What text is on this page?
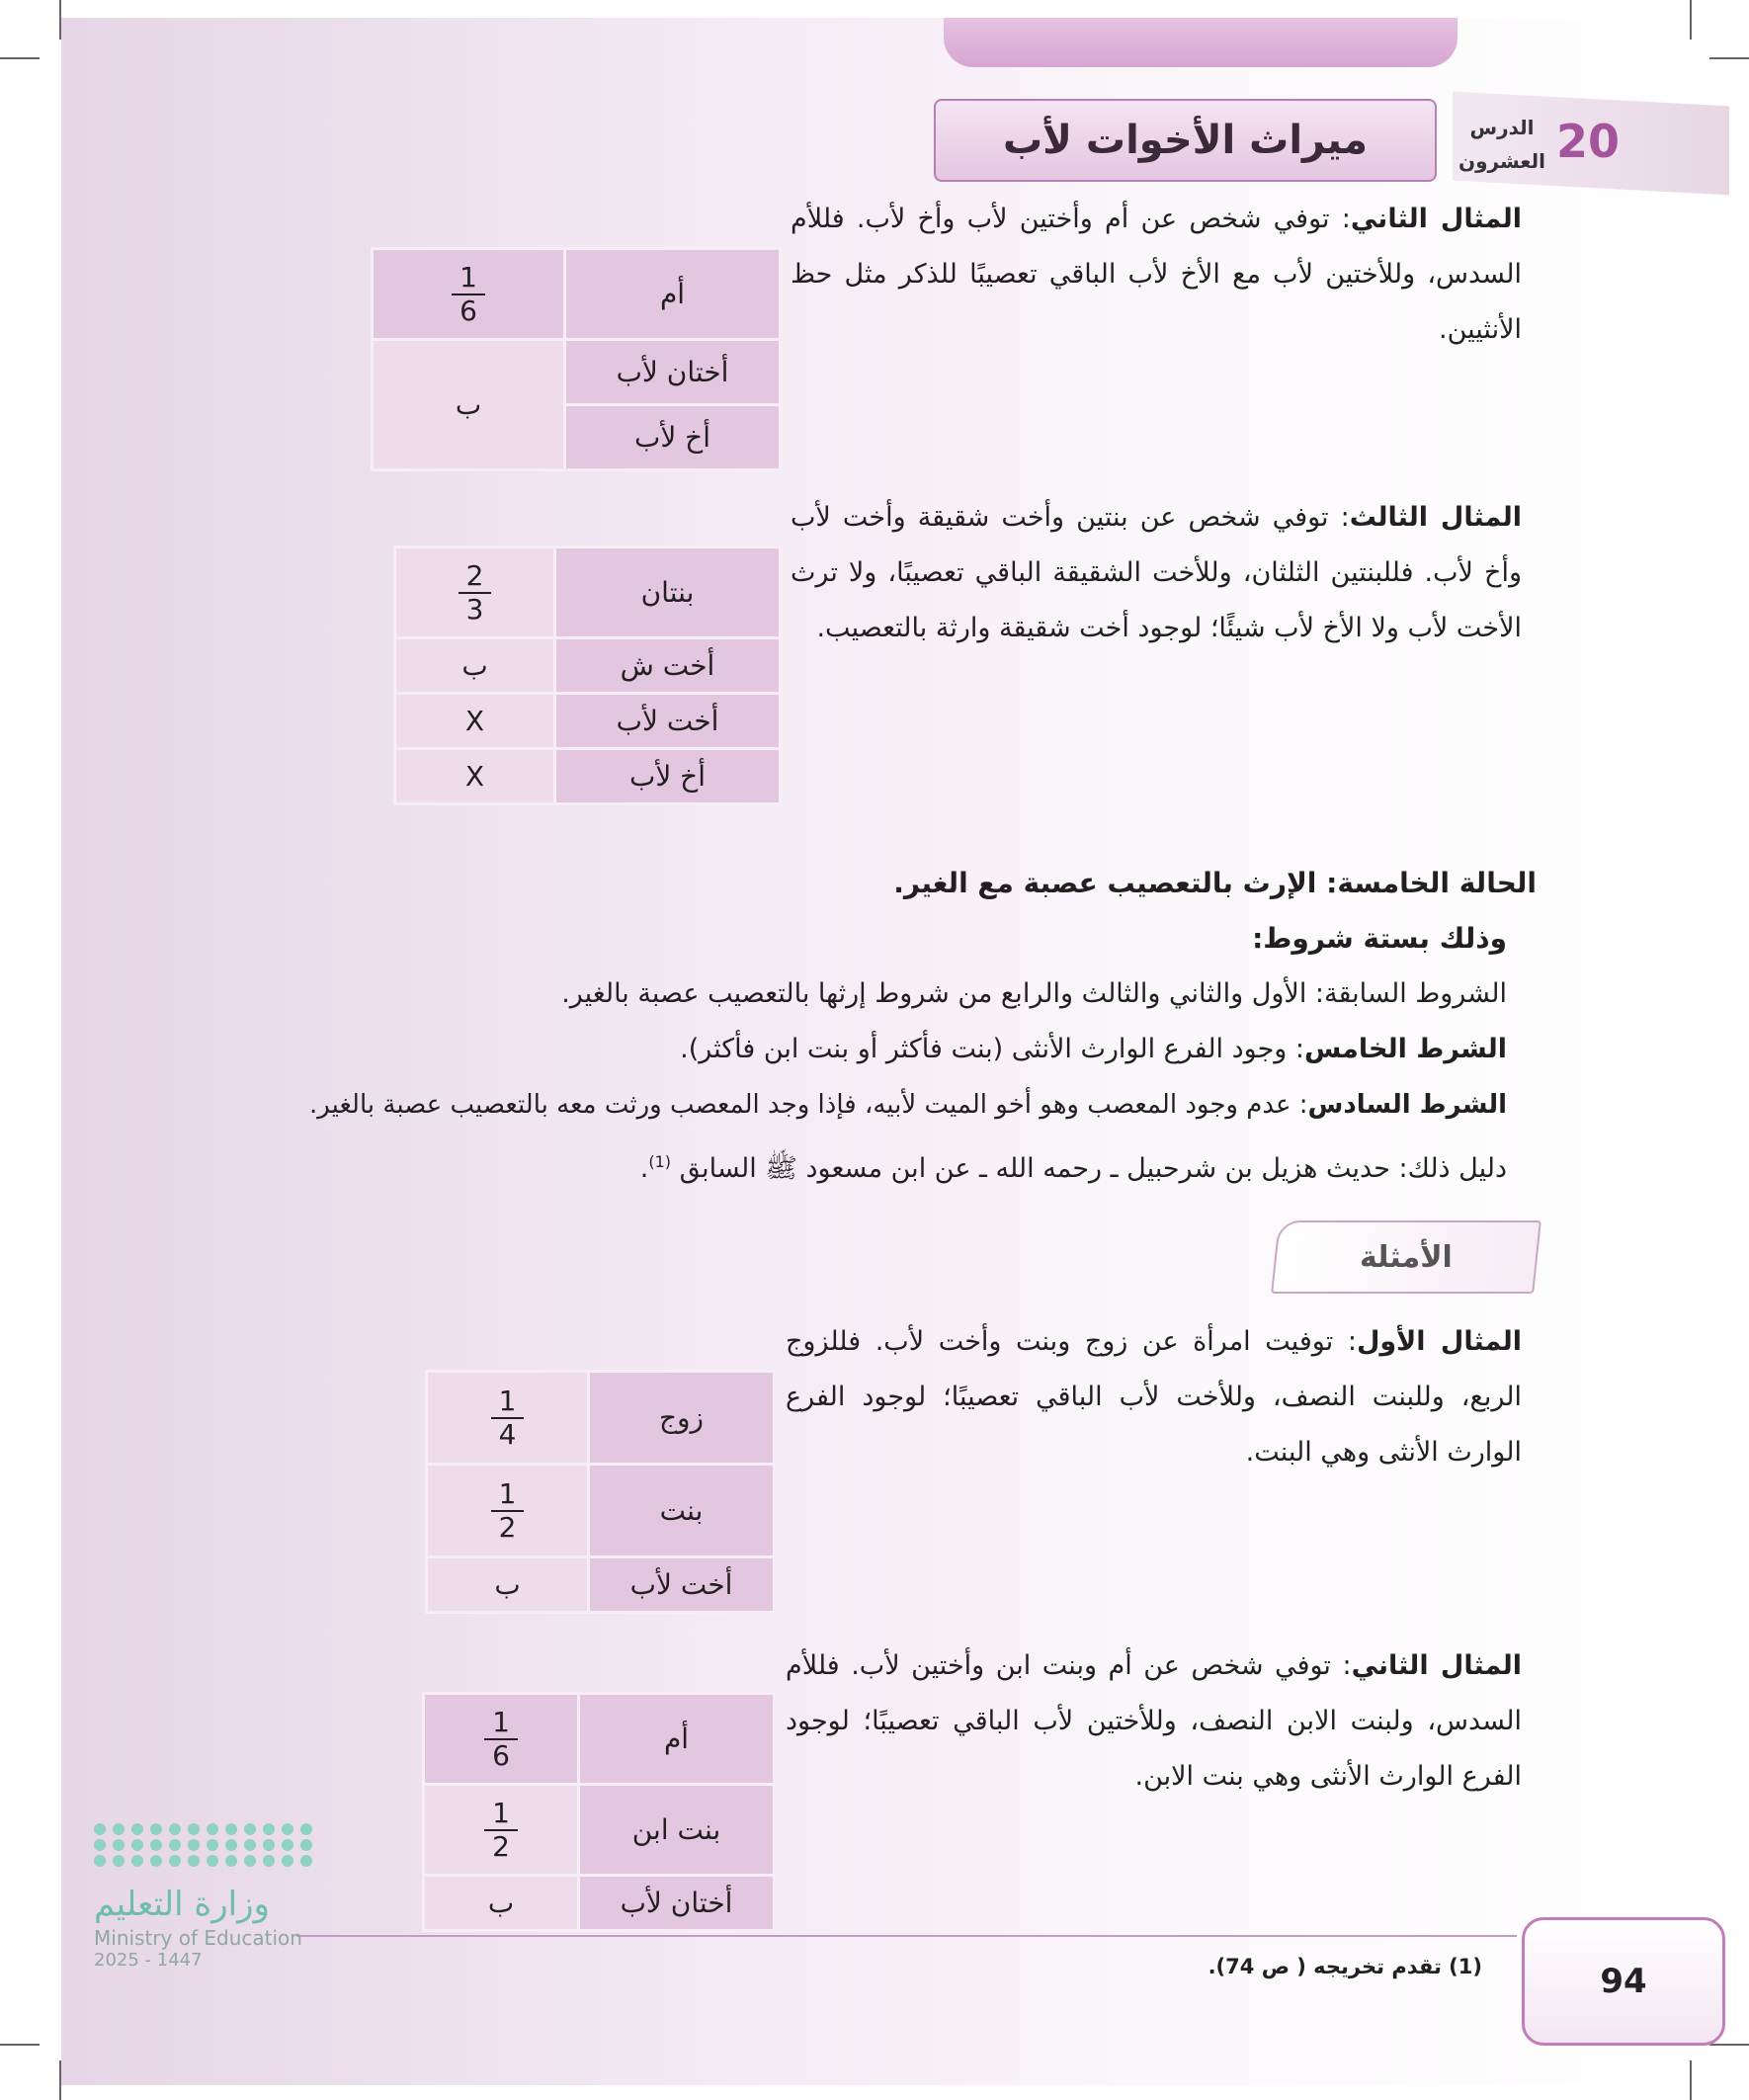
ميراث الأخوات لأب	الدرس
العشرون 20
المثال الثاني: توفي شخص عن أم وأختين لأب وأخ لأب. فللأم السدس، وللأختين لأب مع الأخ لأب الباقي تعصيبًا للذكر مثل حظ الأنثيين.
أم	$\frac{1}{6}$

أختان لأب	ب
أخ لأب	
المثال الثالث: توفي شخص عن بنتين وأخت شقيقة وأخت لأب وأخ لأب. فللبنتين الثلثان، وللأخت الشقيقة الباقي تعصيبًا، ولا ترث الأخت لأب ولا الأخ لأب شيئًا؛ لوجود أخت شقيقة وارثة بالتعصيب.
بنتان	$\frac{2}{3}$

أخت ش	ب
أخت لأب	X
أخ لأب	X
الحالة الخامسة: الإرث بالتعصيب عصبة مع الغير.
وذلك بستة شروط:
الشروط السابقة: الأول والثاني والثالث والرابع من شروط إرثها بالتعصيب عصبة بالغير.
الشرط الخامس: وجود الفرع الوارث الأنثى (بنت فأكثر أو بنت ابن فأكثر).
الشرط السادس: عدم وجود المعصب وهو أخو الميت لأبيه، فإذا وجد المعصب ورثت معه بالتعصيب عصبة بالغير.
دليل ذلك: حديث هزيل بن شرحبيل ـ رحمه الله ـ عن ابن مسعود ﷺ السابق $^{(1)}$.
الأمثلة
المثال الأول: توفيت امرأة عن زوج وبنت وأخت لأب. فللزوج الربع، وللبنت النصف، وللأخت لأب الباقي تعصيبًا؛ لوجود الفرع الوارث الأنثى وهي البنت.
زوج	$\frac{1}{4}$

بنت	$\frac{1}{2}$

أخت لأب	ب
المثال الثاني: توفي شخص عن أم وبنت ابن وأختين لأب. فللأم السدس، ولبنت الابن النصف، وللأختين لأب الباقي تعصيبًا؛ لوجود الفرع الوارث الأنثى وهي بنت الابن.
أم	$\frac{1}{6}$

بنت ابن	$\frac{1}{2}$

أختان لأب	ب
(1) تقدم تخريجه ( ص 74).	94
وزارة التعليم
Ministry of Education
2025 - 1447
